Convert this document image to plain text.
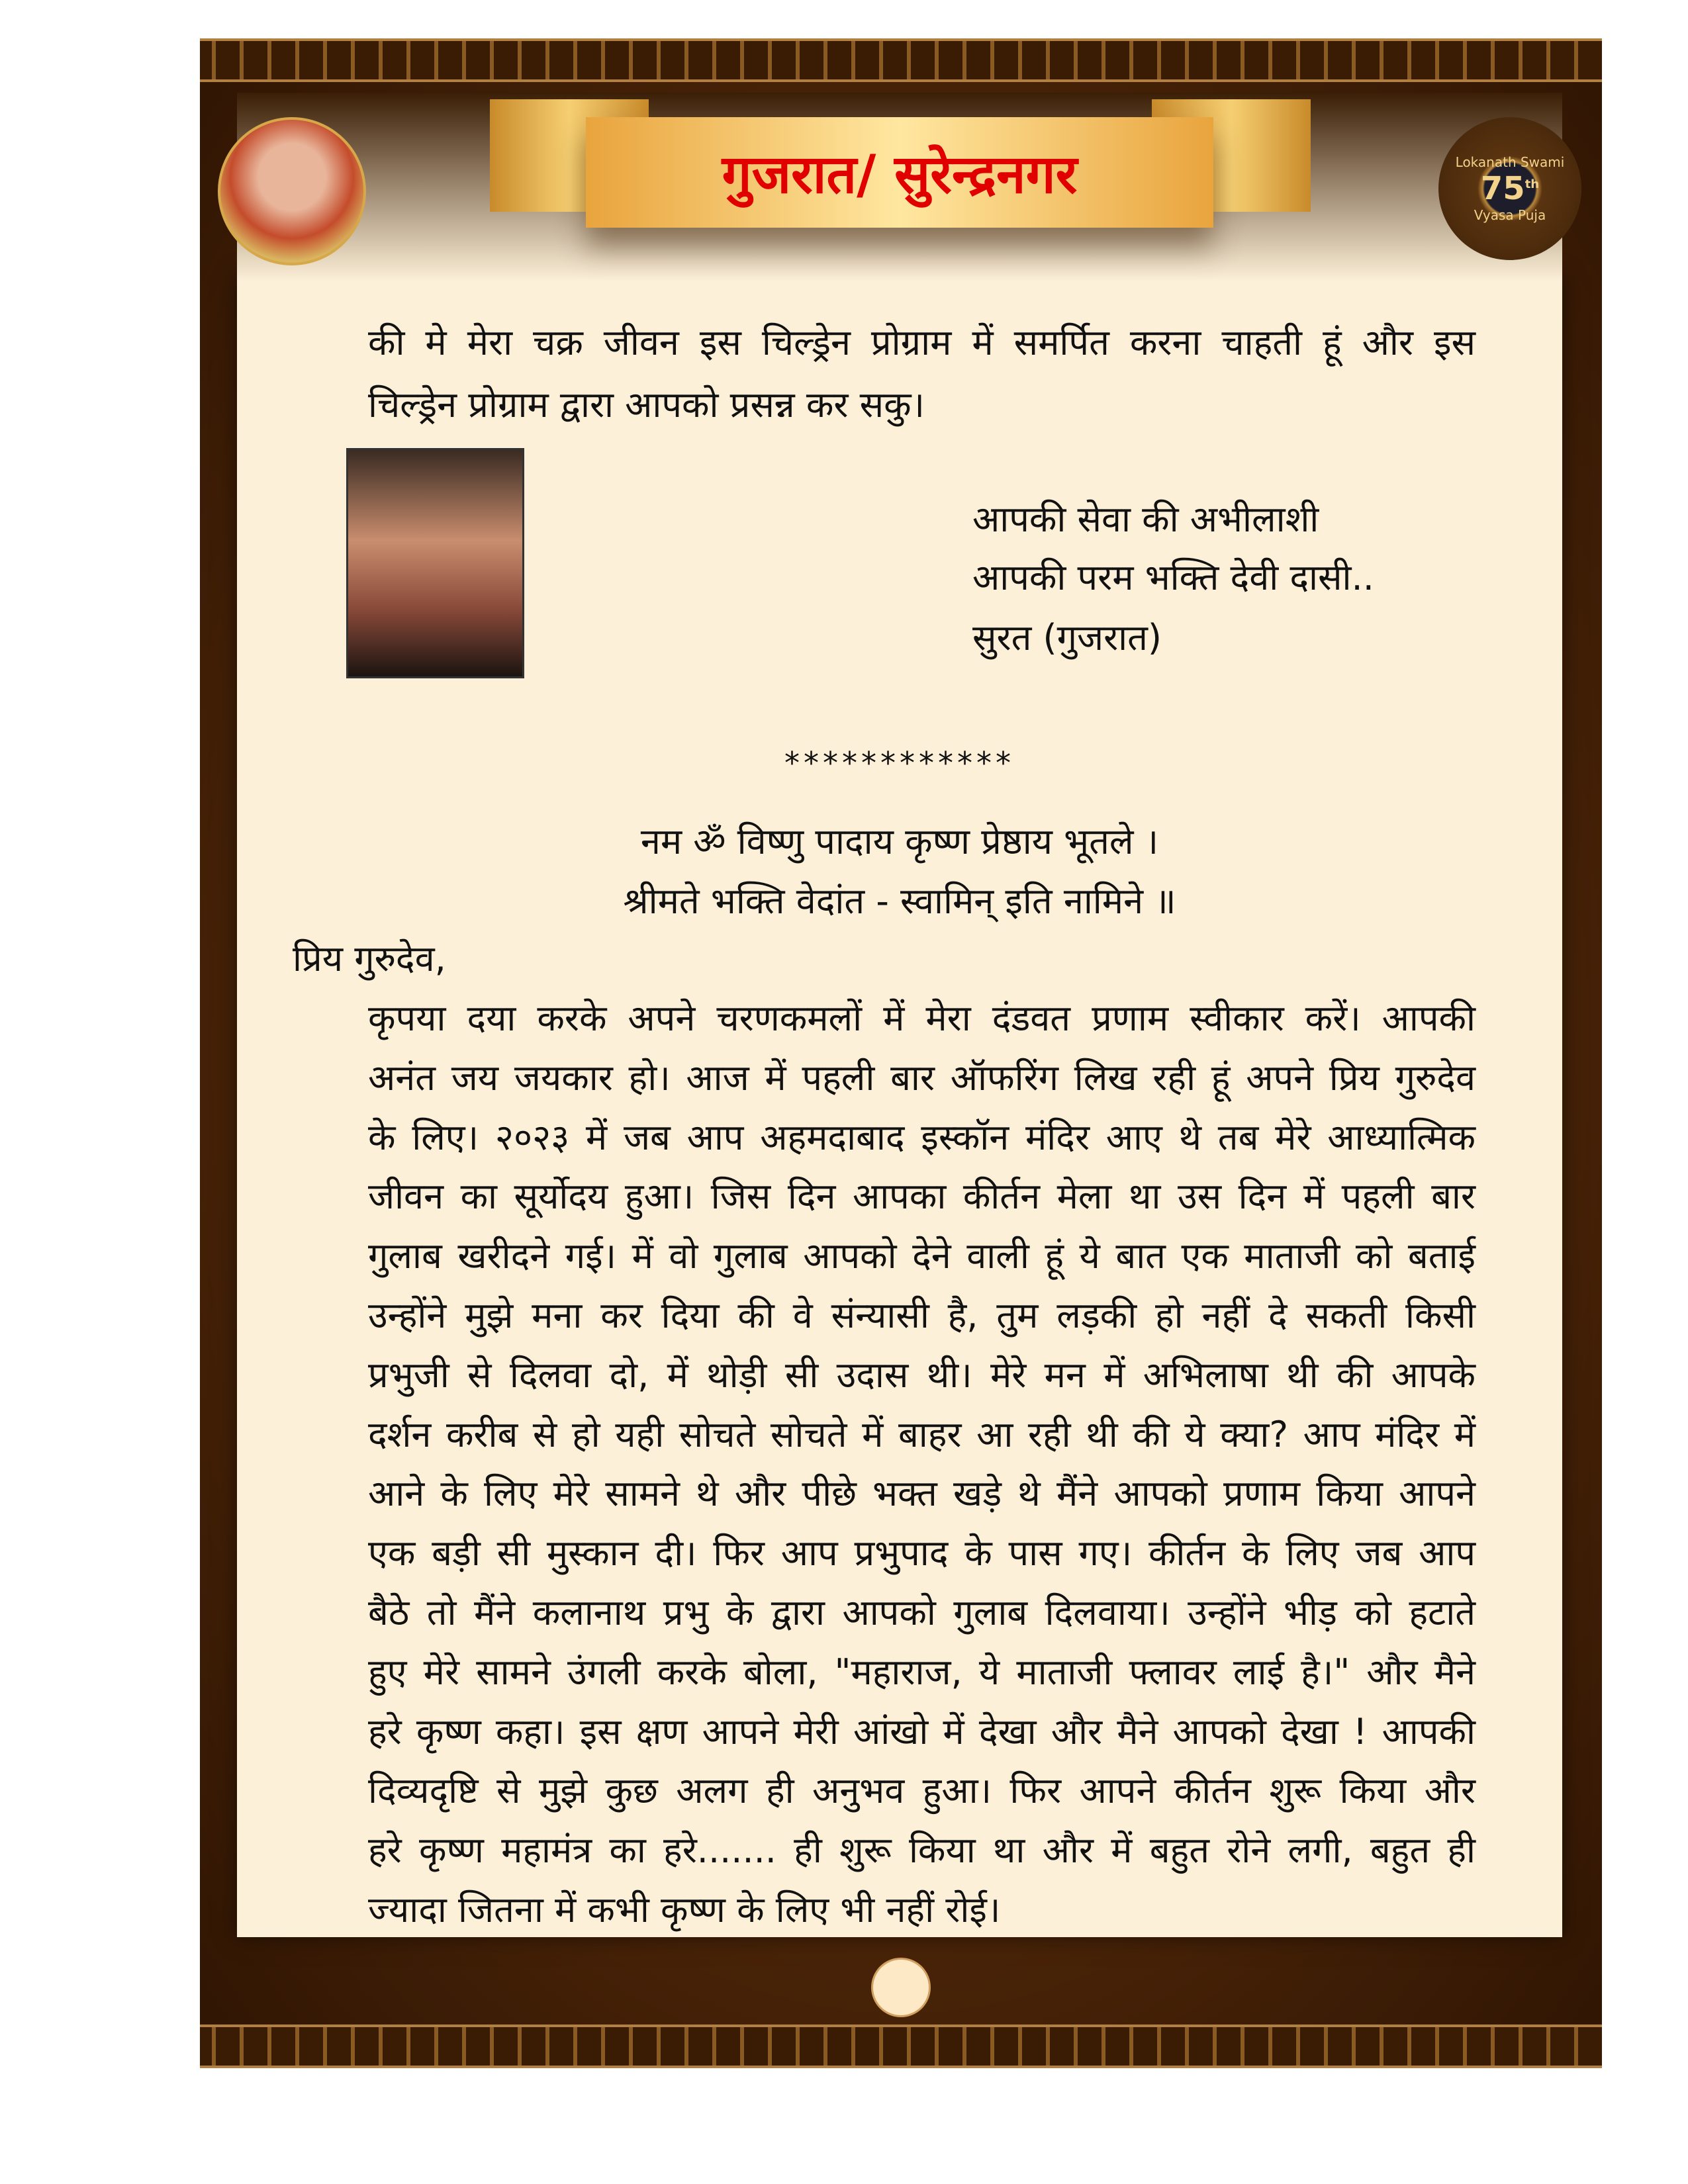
गुजरात/ सुरेन्द्रनगर	Lokanath Swami
75th
Vyasa Puja
की मे मेरा चक्र जीवन इस चिल्ड्रेन प्रोग्राम में समर्पित करना चाहती हूं और इस
चिल्ड्रेन प्रोग्राम द्वारा आपको प्रसन्न कर सकु।
आपकी सेवा की अभीलाशी
आपकी परम भक्ति देवी दासी..
सुरत (गुजरात)
************
नम ॐ विष्णु पादाय कृष्ण प्रेष्ठाय भूतले ।
श्रीमते भक्ति वेदांत - स्वामिन् इति नामिने ॥
प्रिय गुरुदेव,
कृपया दया करके अपने चरणकमलों में मेरा दंडवत प्रणाम स्वीकार करें। आपकी
अनंत जय जयकार हो। आज में पहली बार ऑफरिंग लिख रही हूं अपने प्रिय गुरुदेव
के लिए। २०२३ में जब आप अहमदाबाद इस्कॉन मंदिर आए थे तब मेरे आध्यात्मिक
जीवन का सूर्योदय हुआ। जिस दिन आपका कीर्तन मेला था उस दिन में पहली बार
गुलाब खरीदने गई। में वो गुलाब आपको देने वाली हूं ये बात एक माताजी को बताई
उन्होंने मुझे मना कर दिया की वे संन्यासी है, तुम लड़की हो नहीं दे सकती किसी
प्रभुजी से दिलवा दो, में थोड़ी सी उदास थी। मेरे मन में अभिलाषा थी की आपके
दर्शन करीब से हो यही सोचते सोचते में बाहर आ रही थी की ये क्या? आप मंदिर में
आने के लिए मेरे सामने थे और पीछे भक्त खड़े थे मैंने आपको प्रणाम किया आपने
एक बड़ी सी मुस्कान दी। फिर आप प्रभुपाद के पास गए। कीर्तन के लिए जब आप
बैठे तो मैंने कलानाथ प्रभु के द्वारा आपको गुलाब दिलवाया। उन्होंने भीड़ को हटाते
हुए मेरे सामने उंगली करके बोला, "महाराज, ये माताजी फ्लावर लाई है।" और मैने
हरे कृष्ण कहा। इस क्षण आपने मेरी आंखो में देखा और मैने आपको देखा ! आपकी
दिव्यदृष्टि से मुझे कुछ अलग ही अनुभव हुआ। फिर आपने कीर्तन शुरू किया और
हरे कृष्ण महामंत्र का हरे....... ही शुरू किया था और में बहुत रोने लगी, बहुत ही
ज्यादा जितना में कभी कृष्ण के लिए भी नहीं रोई।
